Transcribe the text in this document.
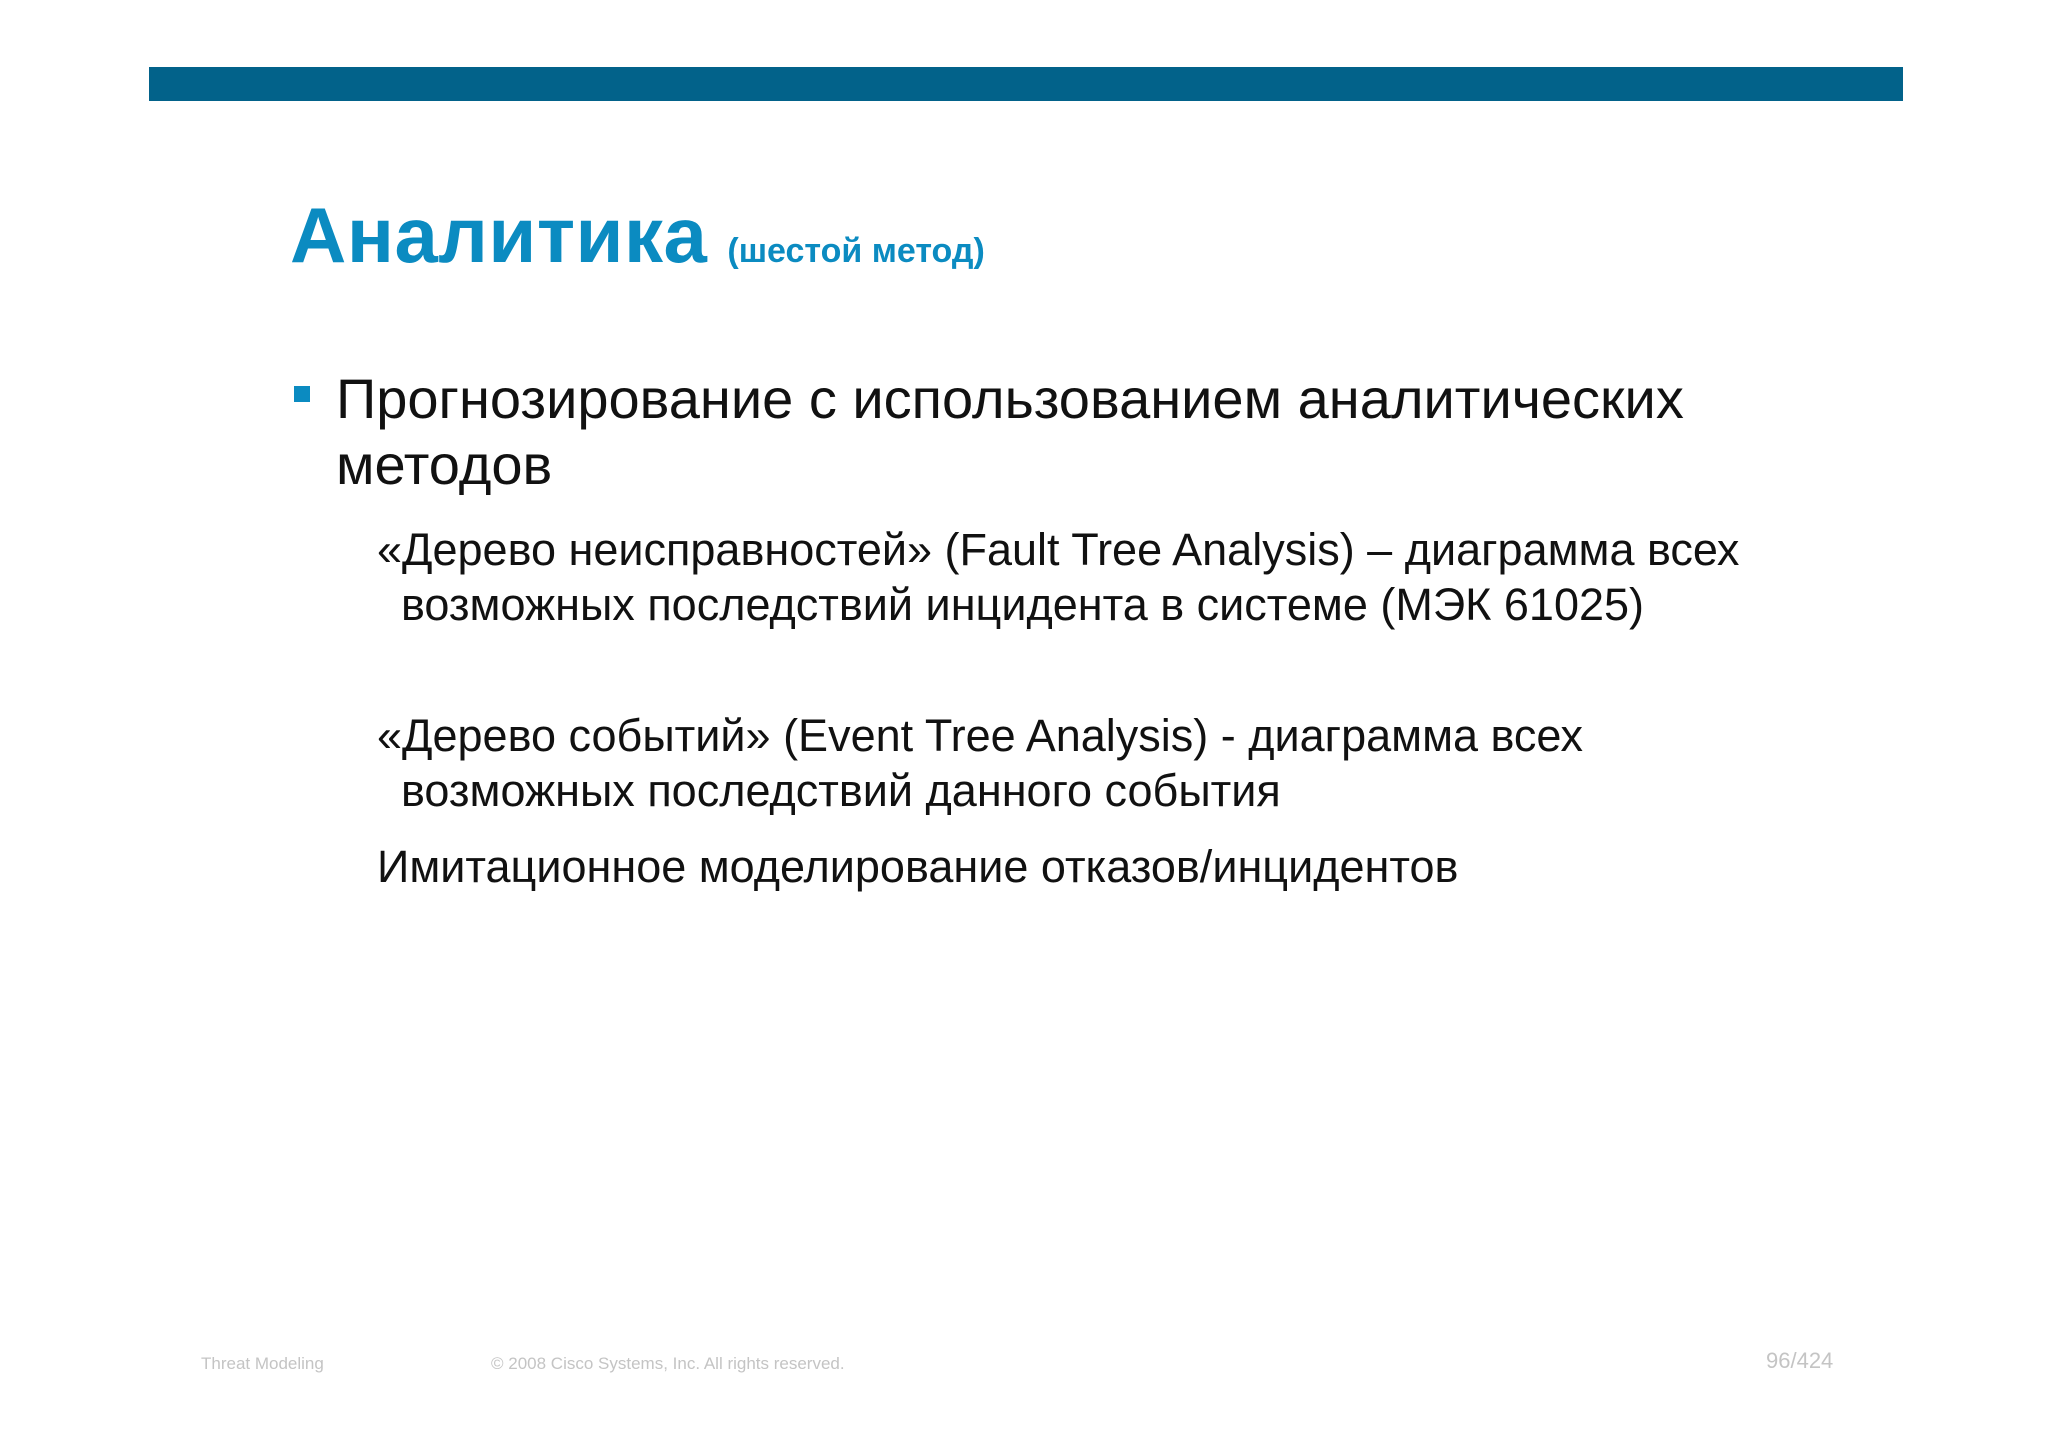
Аналитика (шестой метод)
Прогнозирование с использованием аналитических методов
«Дерево неисправностей» (Fault Tree Analysis) – диаграмма всех возможных последствий инцидента в системе (МЭК 61025)
«Дерево событий» (Event Tree Analysis) - диаграмма всех возможных последствий данного события
Имитационное моделирование отказов/инцидентов
Threat Modeling	© 2008 Cisco Systems, Inc. All rights reserved.	96/424
